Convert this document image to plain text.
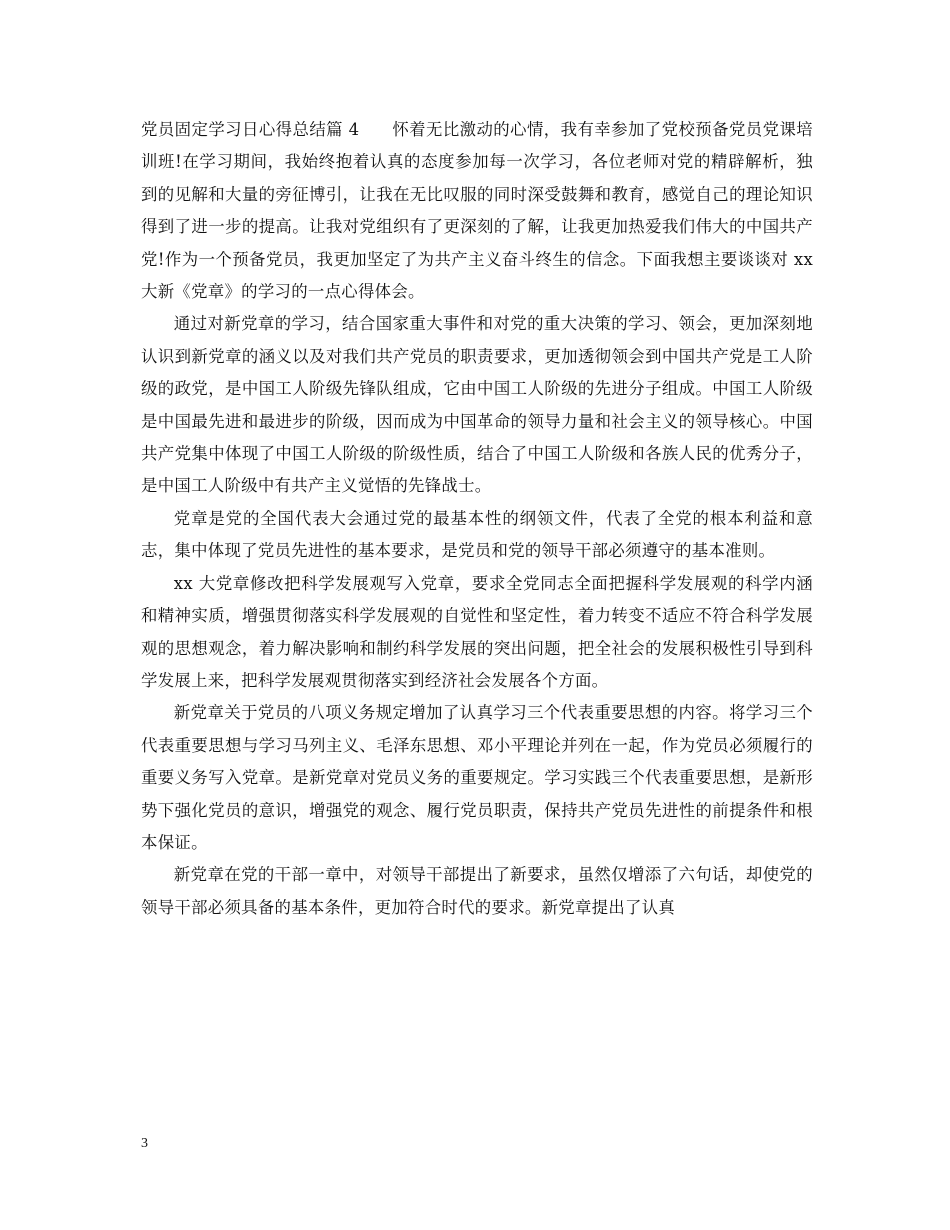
党员固定学习日心得总结篇 4 怀着无比激动的心情，我有幸参加了党校预备党员党课培训班!在学习期间，我始终抱着认真的态度参加每一次学习，各位老师对党的精辟解析，独到的见解和大量的旁征博引，让我在无比叹服的同时深受鼓舞和教育，感觉自己的理论知识得到了进一步的提高。让我对党组织有了更深刻的了解，让我更加热爱我们伟大的中国共产党!作为一个预备党员，我更加坚定了为共产主义奋斗终生的信念。下面我想主要谈谈对 xx 大新《党章》的学习的一点心得体会。

通过对新党章的学习，结合国家重大事件和对党的重大决策的学习、领会，更加深刻地认识到新党章的涵义以及对我们共产党员的职责要求，更加透彻领会到中国共产党是工人阶级的政党，是中国工人阶级先锋队组成，它由中国工人阶级的先进分子组成。中国工人阶级是中国最先进和最进步的阶级，因而成为中国革命的领导力量和社会主义的领导核心。中国共产党集中体现了中国工人阶级的阶级性质，结合了中国工人阶级和各族人民的优秀分子，是中国工人阶级中有共产主义觉悟的先锋战士。

党章是党的全国代表大会通过党的最基本性的纲领文件，代表了全党的根本利益和意志，集中体现了党员先进性的基本要求，是党员和党的领导干部必须遵守的基本准则。

xx 大党章修改把科学发展观写入党章，要求全党同志全面把握科学发展观的科学内涵和精神实质，增强贯彻落实科学发展观的自觉性和坚定性，着力转变不适应不符合科学发展观的思想观念，着力解决影响和制约科学发展的突出问题，把全社会的发展积极性引导到科学发展上来，把科学发展观贯彻落实到经济社会发展各个方面。

新党章关于党员的八项义务规定增加了认真学习三个代表重要思想的内容。将学习三个代表重要思想与学习马列主义、毛泽东思想、邓小平理论并列在一起，作为党员必须履行的重要义务写入党章。是新党章对党员义务的重要规定。学习实践三个代表重要思想，是新形势下强化党员的意识，增强党的观念、履行党员职责，保持共产党员先进性的前提条件和根本保证。

新党章在党的干部一章中，对领导干部提出了新要求，虽然仅增添了六句话，却使党的领导干部必须具备的基本条件，更加符合时代的要求。新党章提出了认真

3
